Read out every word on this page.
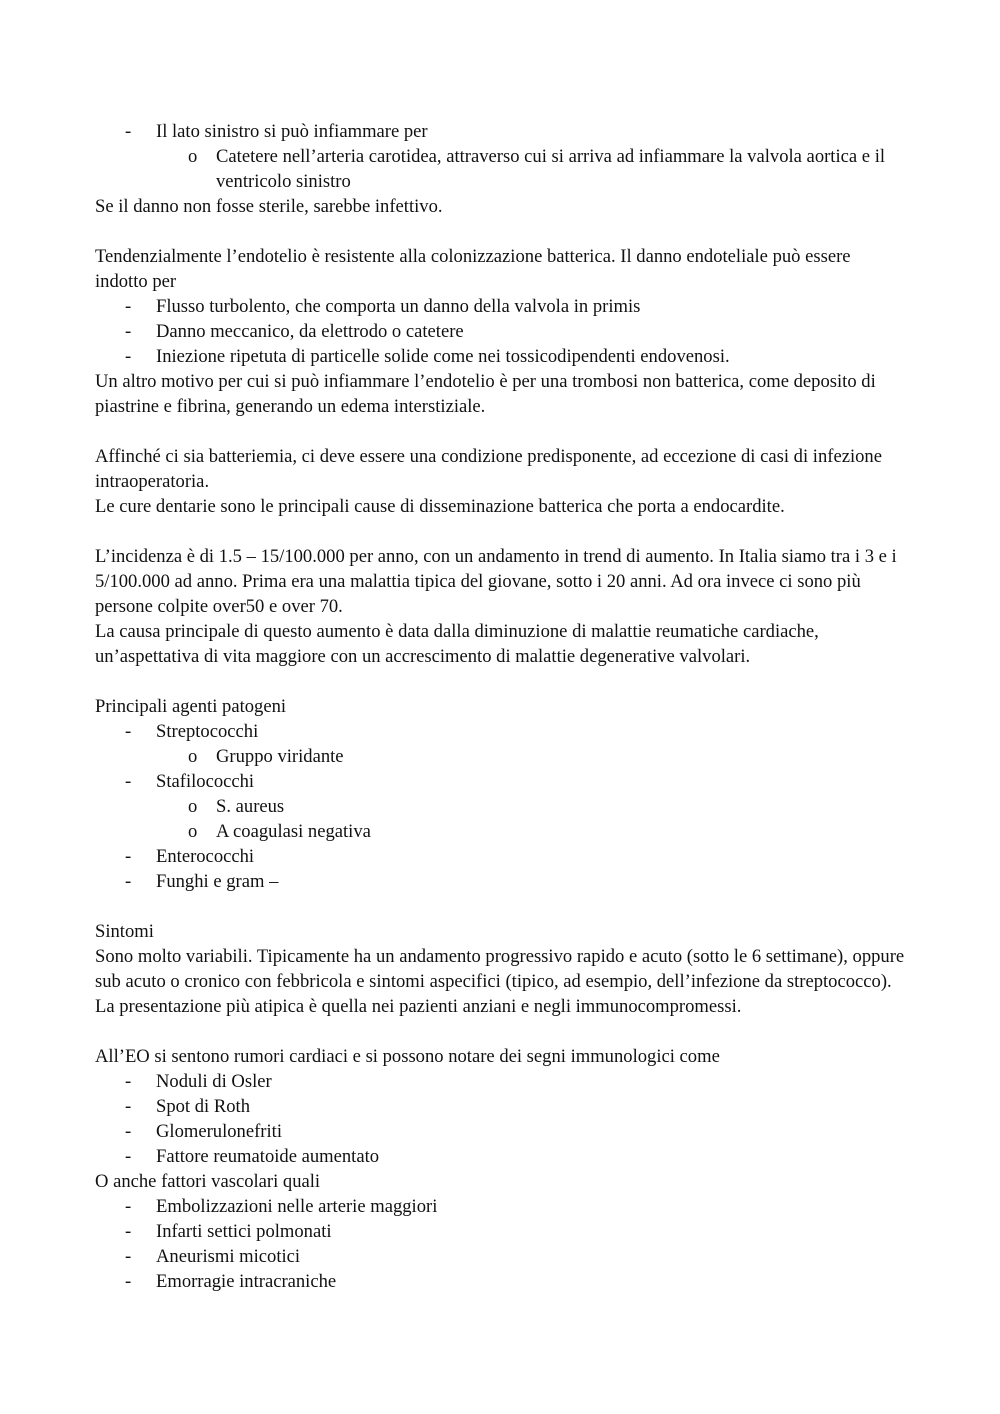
- Il lato sinistro si può infiammare per
o Catetere nell’arteria carotidea, attraverso cui si arriva ad infiammare la valvola aortica e il ventricolo sinistro

Se il danno non fosse sterile, sarebbe infettivo.

Tendenzialmente l’endotelio è resistente alla colonizzazione batterica. Il danno endoteliale può essere indotto per

- Flusso turbolento, che comporta un danno della valvola in primis
- Danno meccanico, da elettrodo o catetere
- Iniezione ripetuta di particelle solide come nei tossicodipendenti endovenosi.

Un altro motivo per cui si può infiammare l’endotelio è per una trombosi non batterica, come deposito di piastrine e fibrina, generando un edema interstiziale.

Affinché ci sia batteriemia, ci deve essere una condizione predisponente, ad eccezione di casi di infezione intraoperatoria.

Le cure dentarie sono le principali cause di disseminazione batterica che porta a endocardite.

L’incidenza è di 1.5 – 15/100.000 per anno, con un andamento in trend di aumento. In Italia siamo tra i 3 e i 5/100.000 ad anno. Prima era una malattia tipica del giovane, sotto i 20 anni. Ad ora invece ci sono più persone colpite over50 e over 70.

La causa principale di questo aumento è data dalla diminuzione di malattie reumatiche cardiache, un’aspettativa di vita maggiore con un accrescimento di malattie degenerative valvolari.

Principali agenti patogeni

- Streptococchi
o Gruppo viridante
- Stafilococchi
o S. aureus
o A coagulasi negativa
- Enterococchi
- Funghi e gram –

Sintomi

Sono molto variabili. Tipicamente ha un andamento progressivo rapido e acuto (sotto le 6 settimane), oppure sub acuto o cronico con febbricola e sintomi aspecifici (tipico, ad esempio, dell’infezione da streptococco).

La presentazione più atipica è quella nei pazienti anziani e negli immunocompromessi.

All’EO si sentono rumori cardiaci e si possono notare dei segni immunologici come

- Noduli di Osler
- Spot di Roth
- Glomerulonefriti
- Fattore reumatoide aumentato

O anche fattori vascolari quali

- Embolizzazioni nelle arterie maggiori
- Infarti settici polmonati
- Aneurismi micotici
- Emorragie intracraniche
